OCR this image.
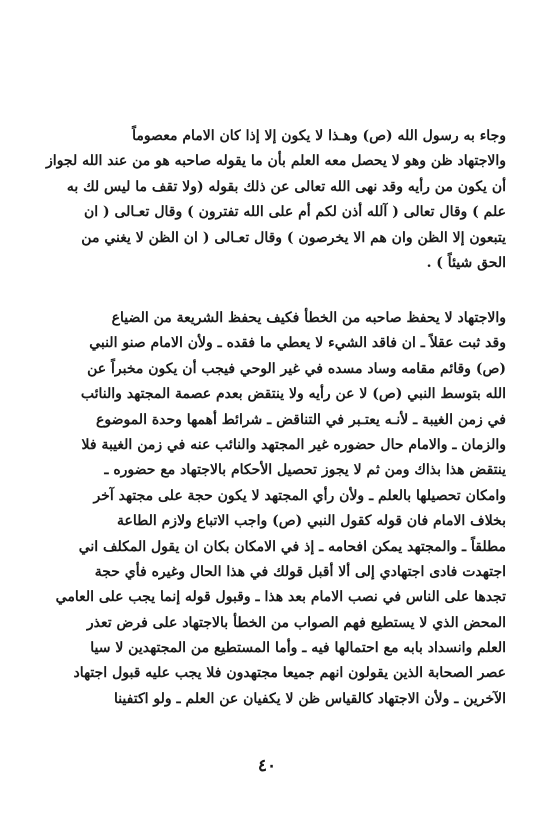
وجاء به رسول الله (ص) وهـذا لا يكون إلا إذا كان الامام معصوماً
والاجتهاد ظن وهو لا يحصل معه العلم بأن ما يقوله صاحبه هو من عند الله لجواز
أن يكون من رأيه وقد نهى الله تعالى عن ذلك بقوله (ولا تقف ما ليس لك به
علم ) وقال تعالى ( آلله أذن لكم أم على الله تفترون ) وقال تعـالى ( ان
يتبعون إلا الظن وان هم الا يخرصون ) وقال تعـالى ( ان الظن لا يغني من
الحق شيئاً ) .
والاجتهاد لا يحفظ صاحبه من الخطأ فكيف يحفظ الشريعة من الضياع
وقد ثبت عقلاً ـ ان فاقد الشيء لا يعطي ما فقده ـ ولأن الامام صنو النبي
(ص) وقائم مقامه وساد مسده في غير الوحي فيجب أن يكون مخبراً عن
الله بتوسط النبي (ص) لا عن رأيه ولا ينتقض بعدم عصمة المجتهد والنائب
في زمن الغيبة ـ لأنـه يعتـبر في التناقض ـ شرائط أهمها وحدة الموضوع
والزمان ـ والامام حال حضوره غير المجتهد والنائب عنه في زمن الغيبة فلا
ينتقض هذا بذاك ومن ثم لا يجوز تحصيل الأحكام بالاجتهاد مع حضوره ـ
وامكان تحصيلها بالعلم ـ ولأن رأي المجتهد لا يكون حجة على مجتهد آخر
بخلاف الامام فان قوله كقول النبي (ص) واجب الاتباع ولازم الطاعة
مطلقاً ـ والمجتهد يمكن افحامه ـ إذ في الامكان بكان ان يقول المكلف اني
اجتهدت فادى اجتهادي إلى ألا أقبل قولك في هذا الحال وغيره فأي حجة
تجدها على الناس في نصب الامام بعد هذا ـ وقبول قوله إنما يجب على العامي
المحض الذي لا يستطيع فهم الصواب من الخطأ بالاجتهاد على فرض تعذر
العلم وانسداد بابه مع احتمالها فيه ـ وأما المستطيع من المجتهدين لا سيا
عصر الصحابة الذين يقولون انهم جميعا مجتهدون فلا يجب عليه قبول اجتهاد
الآخرين ـ ولأن الاجتهاد كالقياس ظن لا يكفيان عن العلم ـ ولو اكتفينا
٤٠
